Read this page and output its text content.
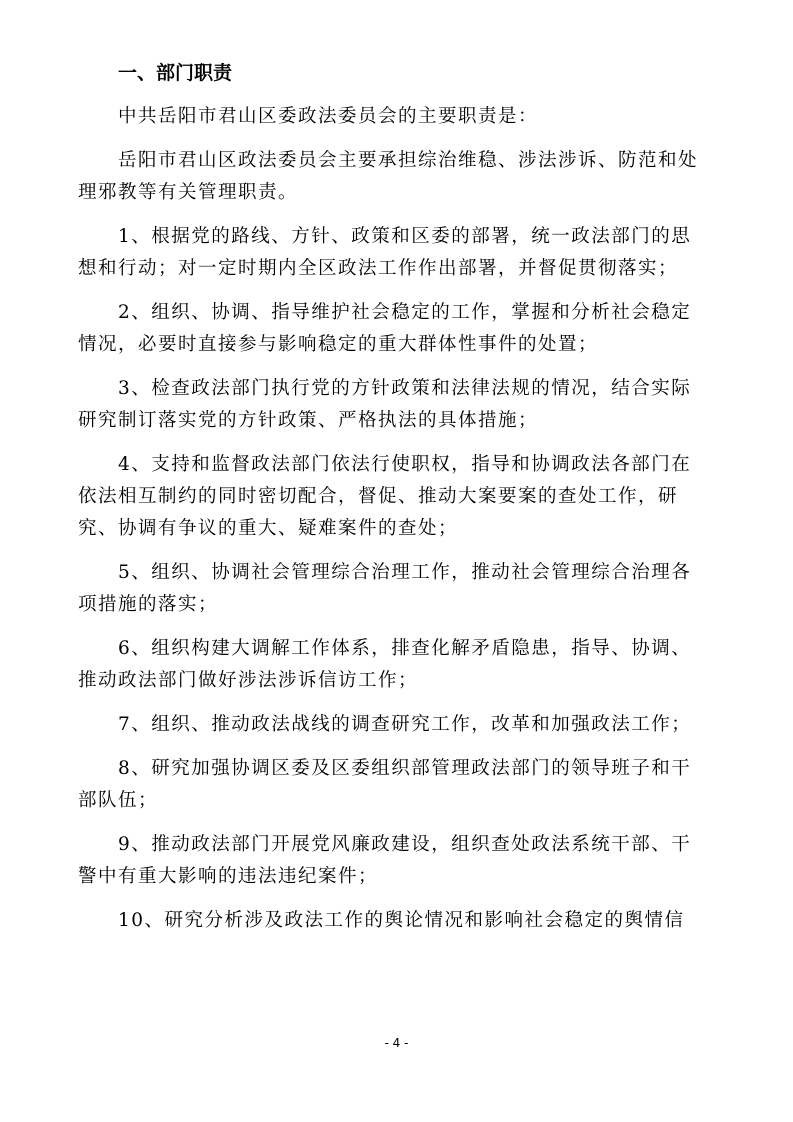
一、部门职责

中共岳阳市君山区委政法委员会的主要职责是：

岳阳市君山区政法委员会主要承担综治维稳、涉法涉诉、防范和处理邪教等有关管理职责。

1、根据党的路线、方针、政策和区委的部署，统一政法部门的思想和行动；对一定时期内全区政法工作作出部署，并督促贯彻落实；

2、组织、协调、指导维护社会稳定的工作，掌握和分析社会稳定情况，必要时直接参与影响稳定的重大群体性事件的处置；

3、检查政法部门执行党的方针政策和法律法规的情况，结合实际研究制订落实党的方针政策、严格执法的具体措施；

4、支持和监督政法部门依法行使职权，指导和协调政法各部门在依法相互制约的同时密切配合，督促、推动大案要案的查处工作，研究、协调有争议的重大、疑难案件的查处；

5、组织、协调社会管理综合治理工作，推动社会管理综合治理各项措施的落实；

6、组织构建大调解工作体系，排查化解矛盾隐患，指导、协调、推动政法部门做好涉法涉诉信访工作；

7、组织、推动政法战线的调查研究工作，改革和加强政法工作；

8、研究加强协调区委及区委组织部管理政法部门的领导班子和干部队伍；

9、推动政法部门开展党风廉政建设，组织查处政法系统干部、干警中有重大影响的违法违纪案件；

10、研究分析涉及政法工作的舆论情况和影响社会稳定的舆情信

- 4 -
